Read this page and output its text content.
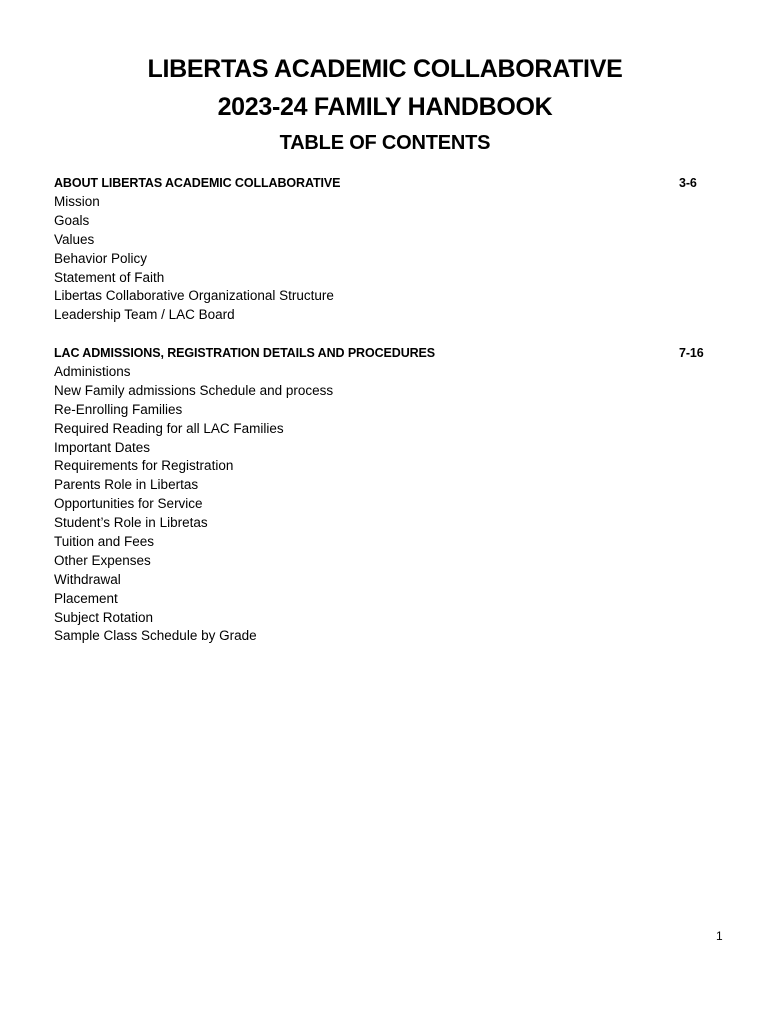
LIBERTAS ACADEMIC COLLABORATIVE
2023-24 FAMILY HANDBOOK
TABLE OF CONTENTS
ABOUT LIBERTAS ACADEMIC COLLABORATIVE	3-6
Mission
Goals
Values
Behavior Policy
Statement of Faith
Libertas Collaborative Organizational Structure
Leadership Team / LAC Board
LAC ADMISSIONS, REGISTRATION DETAILS AND PROCEDURES	7-16
Administions
New Family admissions Schedule and process
Re-Enrolling Families
Required Reading for all LAC Families
Important Dates
Requirements for Registration
Parents Role in Libertas
Opportunities for Service
Student’s Role in Libretas
Tuition and Fees
Other Expenses
Withdrawal
Placement
Subject Rotation
Sample Class Schedule by Grade
1
